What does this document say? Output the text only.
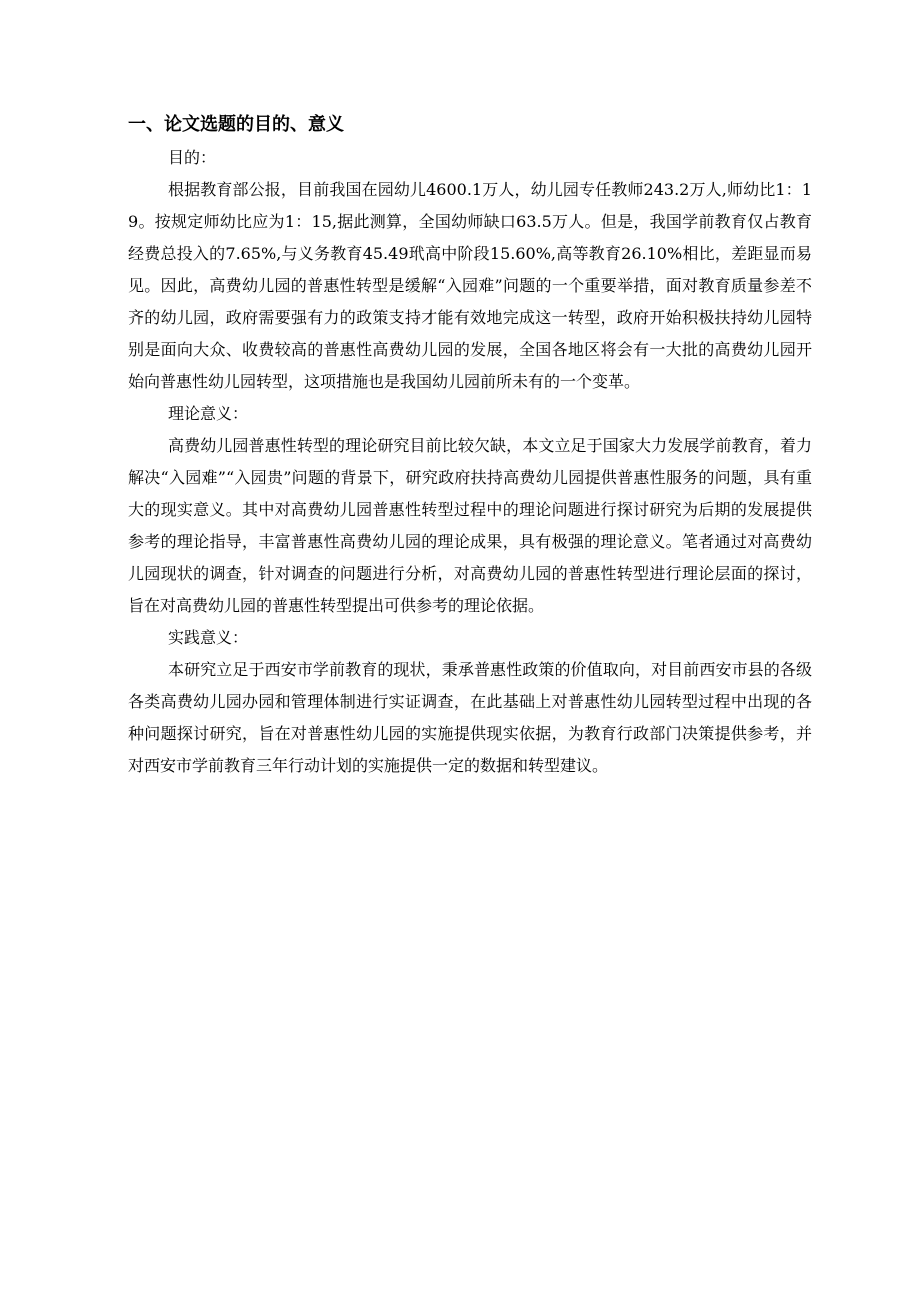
一、论文选题的目的、意义

目的：

根据教育部公报，目前我国在园幼儿4600.1万人，幼儿园专任教师243.2万人,师幼比1：19。按规定师幼比应为1：15,据此测算，全国幼师缺口63.5万人。但是，我国学前教育仅占教育经费总投入的7.65%,与义务教育45.49玳高中阶段15.60%,高等教育26.10%相比，差距显而易见。因此，高费幼儿园的普惠性转型是缓解“入园难”问题的一个重要举措，面对教育质量参差不齐的幼儿园，政府需要强有力的政策支持才能有效地完成这一转型，政府开始积极扶持幼儿园特别是面向大众、收费较高的普惠性高费幼儿园的发展，全国各地区将会有一大批的高费幼儿园开始向普惠性幼儿园转型，这项措施也是我国幼儿园前所未有的一个变革。

理论意义：

高费幼儿园普惠性转型的理论研究目前比较欠缺，本文立足于国家大力发展学前教育，着力解决“入园难”“入园贵”问题的背景下，研究政府扶持高费幼儿园提供普惠性服务的问题，具有重大的现实意义。其中对高费幼儿园普惠性转型过程中的理论问题进行探讨研究为后期的发展提供参考的理论指导，丰富普惠性高费幼儿园的理论成果，具有极强的理论意义。笔者通过对高费幼儿园现状的调查，针对调查的问题进行分析，对高费幼儿园的普惠性转型进行理论层面的探讨，旨在对高费幼儿园的普惠性转型提出可供参考的理论依据。

实践意义：

本研究立足于西安市学前教育的现状，秉承普惠性政策的价值取向，对目前西安市县的各级各类高费幼儿园办园和管理体制进行实证调查，在此基础上对普惠性幼儿园转型过程中出现的各种问题探讨研究，旨在对普惠性幼儿园的实施提供现实依据，为教育行政部门决策提供参考，并对西安市学前教育三年行动计划的实施提供一定的数据和转型建议。
